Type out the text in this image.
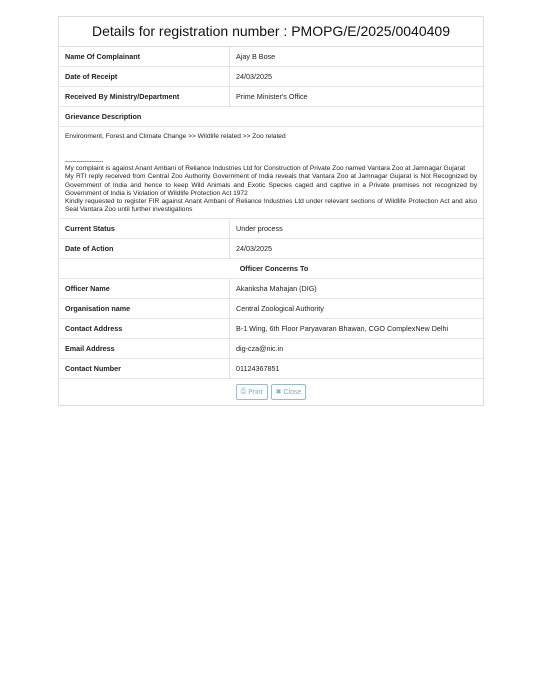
Details for registration number : PMOPG/E/2025/0040409
Name Of Complainant	Ajay B Bose
Date of Receipt	24/03/2025
Received By Ministry/Department	Prime Minister's Office
Grievance Description
Environment, Forest and Climate Change >> Wildlife related >> Zoo related
--------------------

My complaint is against Anant Ambani of Reliance Industries Ltd for Construction of Private Zoo named Vantara Zoo at Jamnagar Gujarat

My RTI reply received from Central Zoo Authority Government of India reveals that Vantara Zoo at Jamnagar Gujarat is Not Recognized by Government of India and hence to keep Wild Animals and Exotic Species caged and captive in a Private premises not recognized by Government of India is Violation of Wildlife Protection Act 1972

Kindly requested to register FIR against Anant Ambani of Reliance Industries Ltd under relevant sections of Wildlife Protection Act and also Seal Vantara Zoo until further investigations

Current Status	Under process
Date of Action	24/03/2025
Officer Concerns To
Officer Name	Akanksha Mahajan (DIG)
Organisation name	Central Zoological Authority
Contact Address	B-1 Wing, 6th Floor Paryavaran Bhawan, CGO ComplexNew Delhi
Email Address	dig-cza@nic.in
Contact Number	01124367851
⎙ Print ✖ Close
